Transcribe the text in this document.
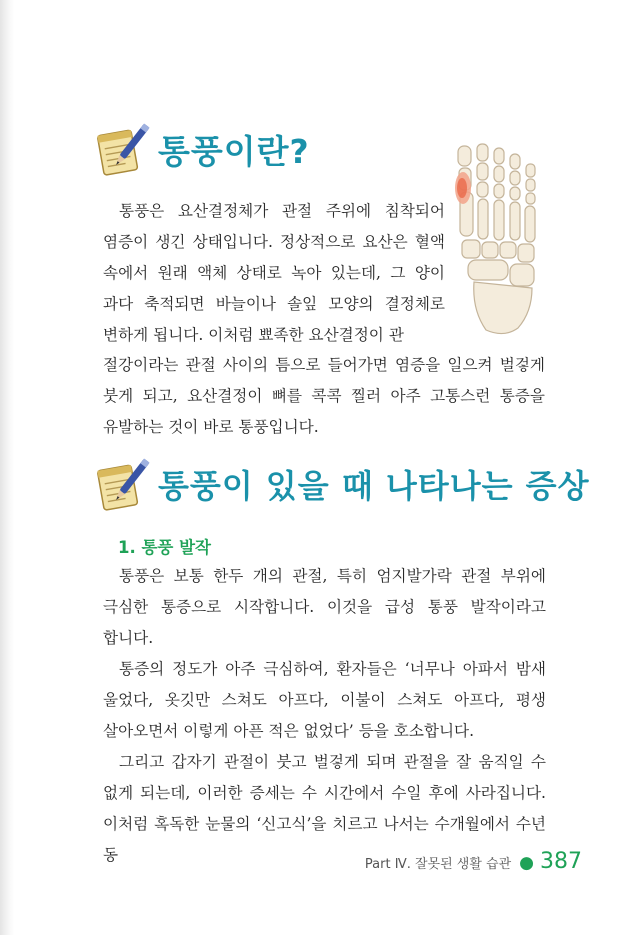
통풍이란?

통풍은 요산결정체가 관절 주위에 침착되어 염증이 생긴 상태입니다. 정상적으로 요산은 혈액 속에서 원래 액체 상태로 녹아 있는데, 그 양이 과다 축적되면 바늘이나 솔잎 모양의 결정체로 변하게 됩니다. 이처럼 뾰족한 요산결정이 관

절강이라는 관절 사이의 틈으로 들어가면 염증을 일으켜 벌겋게 붓게 되고, 요산결정이 뼈를 콕콕 찔러 아주 고통스런 통증을 유발하는 것이 바로 통풍입니다.

통풍이 있을 때 나타나는 증상
1. 통풍 발작

통풍은 보통 한두 개의 관절, 특히 엄지발가락 관절 부위에 극심한 통증으로 시작합니다. 이것을 급성 통풍 발작이라고 합니다.

통증의 정도가 아주 극심하여, 환자들은 ‘너무나 아파서 밤새 울었다, 옷깃만 스쳐도 아프다, 이불이 스쳐도 아프다, 평생 살아오면서 이렇게 아픈 적은 없었다’ 등을 호소합니다.

그리고 갑자기 관절이 붓고 벌겋게 되며 관절을 잘 움직일 수 없게 되는데, 이러한 증세는 수 시간에서 수일 후에 사라집니다. 이처럼 혹독한 눈물의 ‘신고식’을 치르고 나서는 수개월에서 수년 동

Part Ⅳ. 잘못된 생활 습관 ● 387
